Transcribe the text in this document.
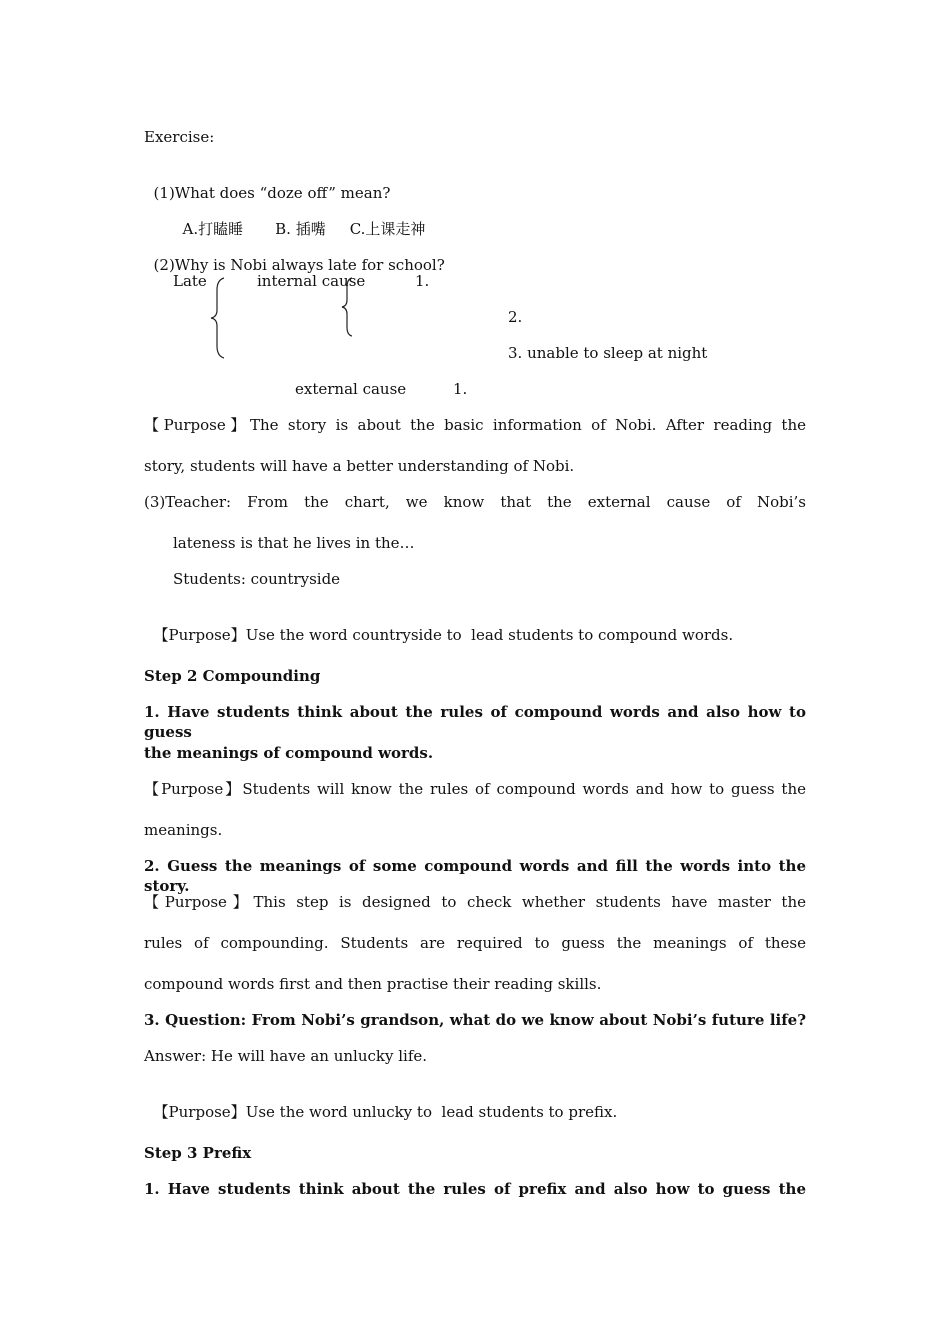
Exercise:

(1)What does “doze off” mean?

A.打瞌睡 B. 插嘴 C.上课走神

(2)Why is Nobi always late for school?

Late	internal cause	1.
2.
3. unable to sleep at night
external cause	1.
【Purpose】The story is about the basic information of Nobi. After reading the
story, students will have a better understanding of Nobi.
(3)Teacher: From the chart, we know that the external cause of Nobi’s
lateness is that he lives in the…
Students: countryside

【Purpose】Use the word countryside to  lead students to compound words.

Step 2 Compounding
1. Have students think about the rules of compound words and also how to guess
the meanings of compound words.
【Purpose】Students will know the rules of compound words and how to guess the
meanings.
2. Guess the meanings of some compound words and fill the words into the story.
【Purpose】This step is designed to check whether students have master the
rules of compounding. Students are required to guess the meanings of these
compound words first and then practise their reading skills.
3. Question: From Nobi’s grandson, what do we know about Nobi’s future life?
Answer: He will have an unlucky life.

【Purpose】Use the word unlucky to  lead students to prefix.

Step 3 Prefix
1. Have students think about the rules of prefix and also how to guess the
